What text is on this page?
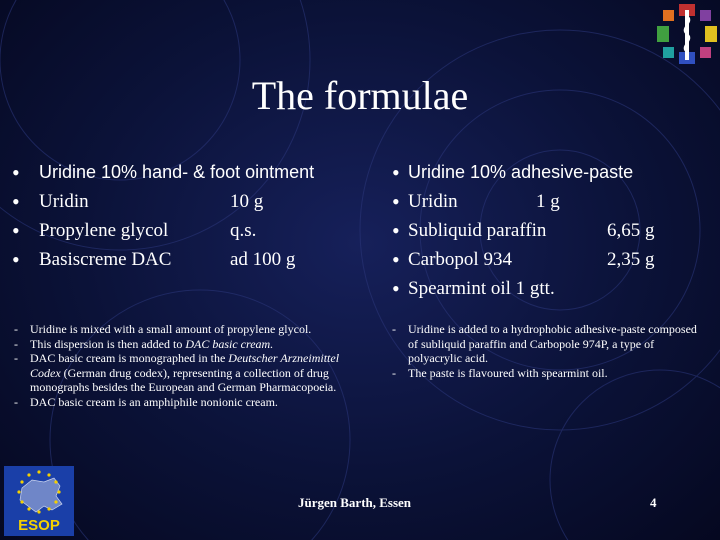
The formulae
• Uridine 10% hand- & foot ointment
• Uridin	10 g
• Propylene glycol	q.s.
• Basiscreme DAC	ad 100 g
• Uridine 10% adhesive-paste
• Uridin	1 g
• Subliquid paraffin	6,65 g
• Carbopol 934	2,35 g
• Spearmint oil 1 gtt.
- Uridine is mixed with a small amount of propylene glycol.
- This dispersion is then added to DAC basic cream.
- DAC basic cream is monographed in the Deutscher Arzneimittel Codex (German drug codex), representing a collection of drug monographs besides the European and German Pharmacopoeia.
- DAC basic cream is an amphiphile nonionic cream.
- Uridine is added to a hydrophobic adhesive-paste composed of subliquid paraffin and Carbopole 974P, a type of polyacrylic acid.
- The paste is flavoured with spearmint oil.
ESOP
Jürgen Barth, Essen	4
